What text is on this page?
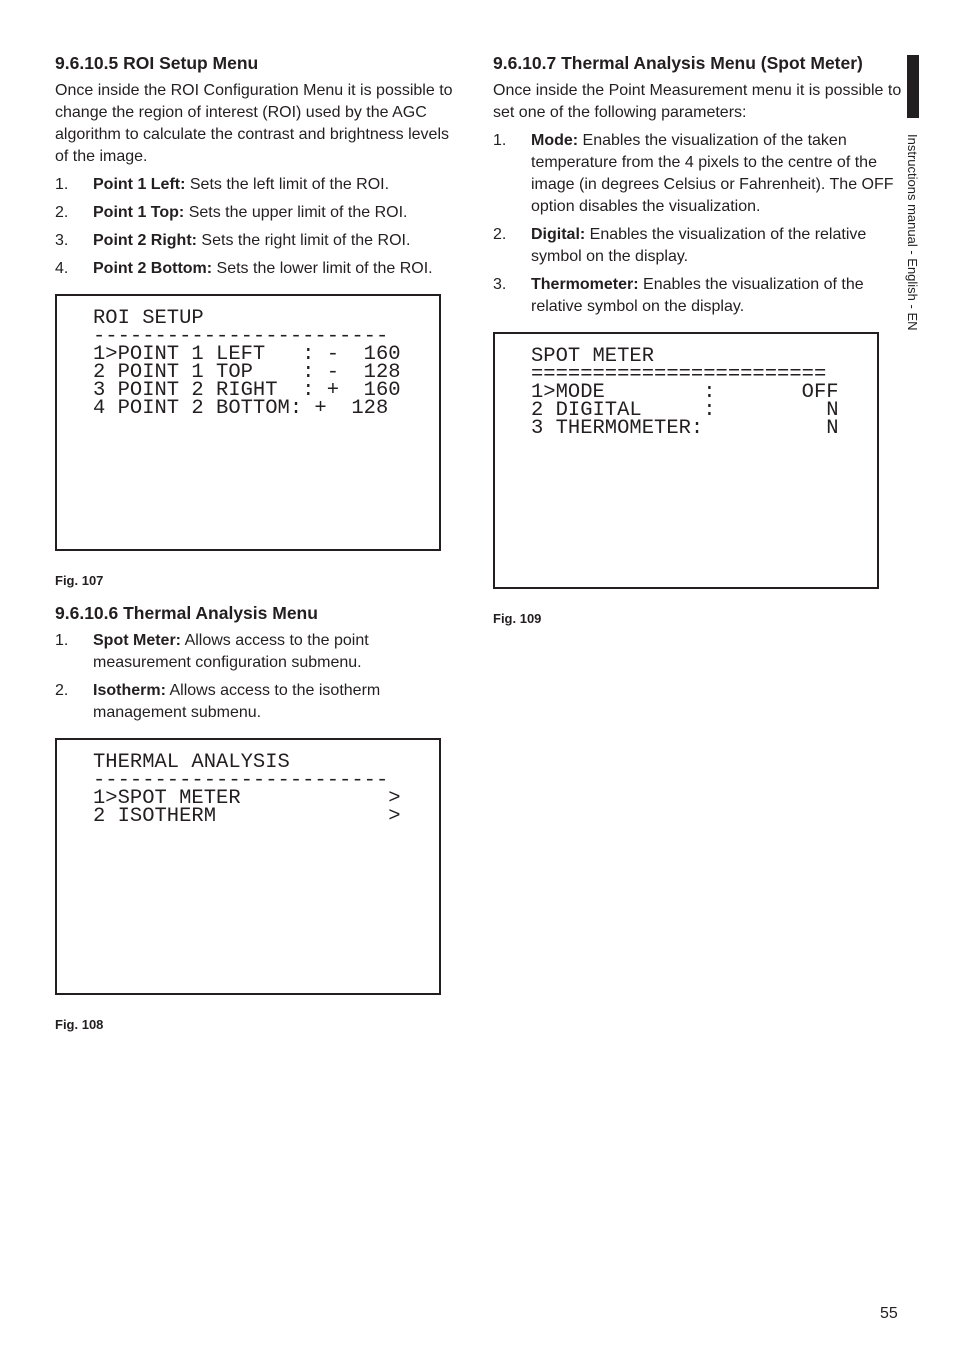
9.6.10.5 ROI Setup Menu

Once inside the ROI Configuration Menu it is possible to change the region of interest (ROI) used by the AGC algorithm to calculate the contrast and brightness levels of the image.

1. Point 1 Left: Sets the left limit of the ROI.
2. Point 1 Top: Sets the upper limit of the ROI.
3. Point 2 Right: Sets the right limit of the ROI.
4. Point 2 Bottom: Sets the lower limit of the ROI.
ROI SETUP
------------------------
1>POINT 1 LEFT   : -  160
2 POINT 1 TOP    : -  128
3 POINT 2 RIGHT  : +  160
4 POINT 2 BOTTOM: +  128
Fig. 107
9.6.10.6 Thermal Analysis Menu
1. Spot Meter: Allows access to the point measurement configuration submenu.
2. Isotherm: Allows access to the isotherm management submenu.
THERMAL ANALYSIS
------------------------
1>SPOT METER            >
2 ISOTHERM              >
Fig. 108
9.6.10.7 Thermal Analysis Menu (Spot Meter)

Once inside the Point Measurement menu it is possible to set one of the following parameters:

1. Mode: Enables the visualization of the taken temperature from the 4 pixels to the centre of the image (in degrees Celsius or Fahrenheit). The OFF option disables the visualization.
2. Digital: Enables the visualization of the relative symbol on the display.
3. Thermometer: Enables the visualization of the relative symbol on the display.
SPOT METER
========================
1>MODE        :       OFF
2 DIGITAL     :         N
3 THERMOMETER:          N
Fig. 109
Instructions manual - English - EN
55
